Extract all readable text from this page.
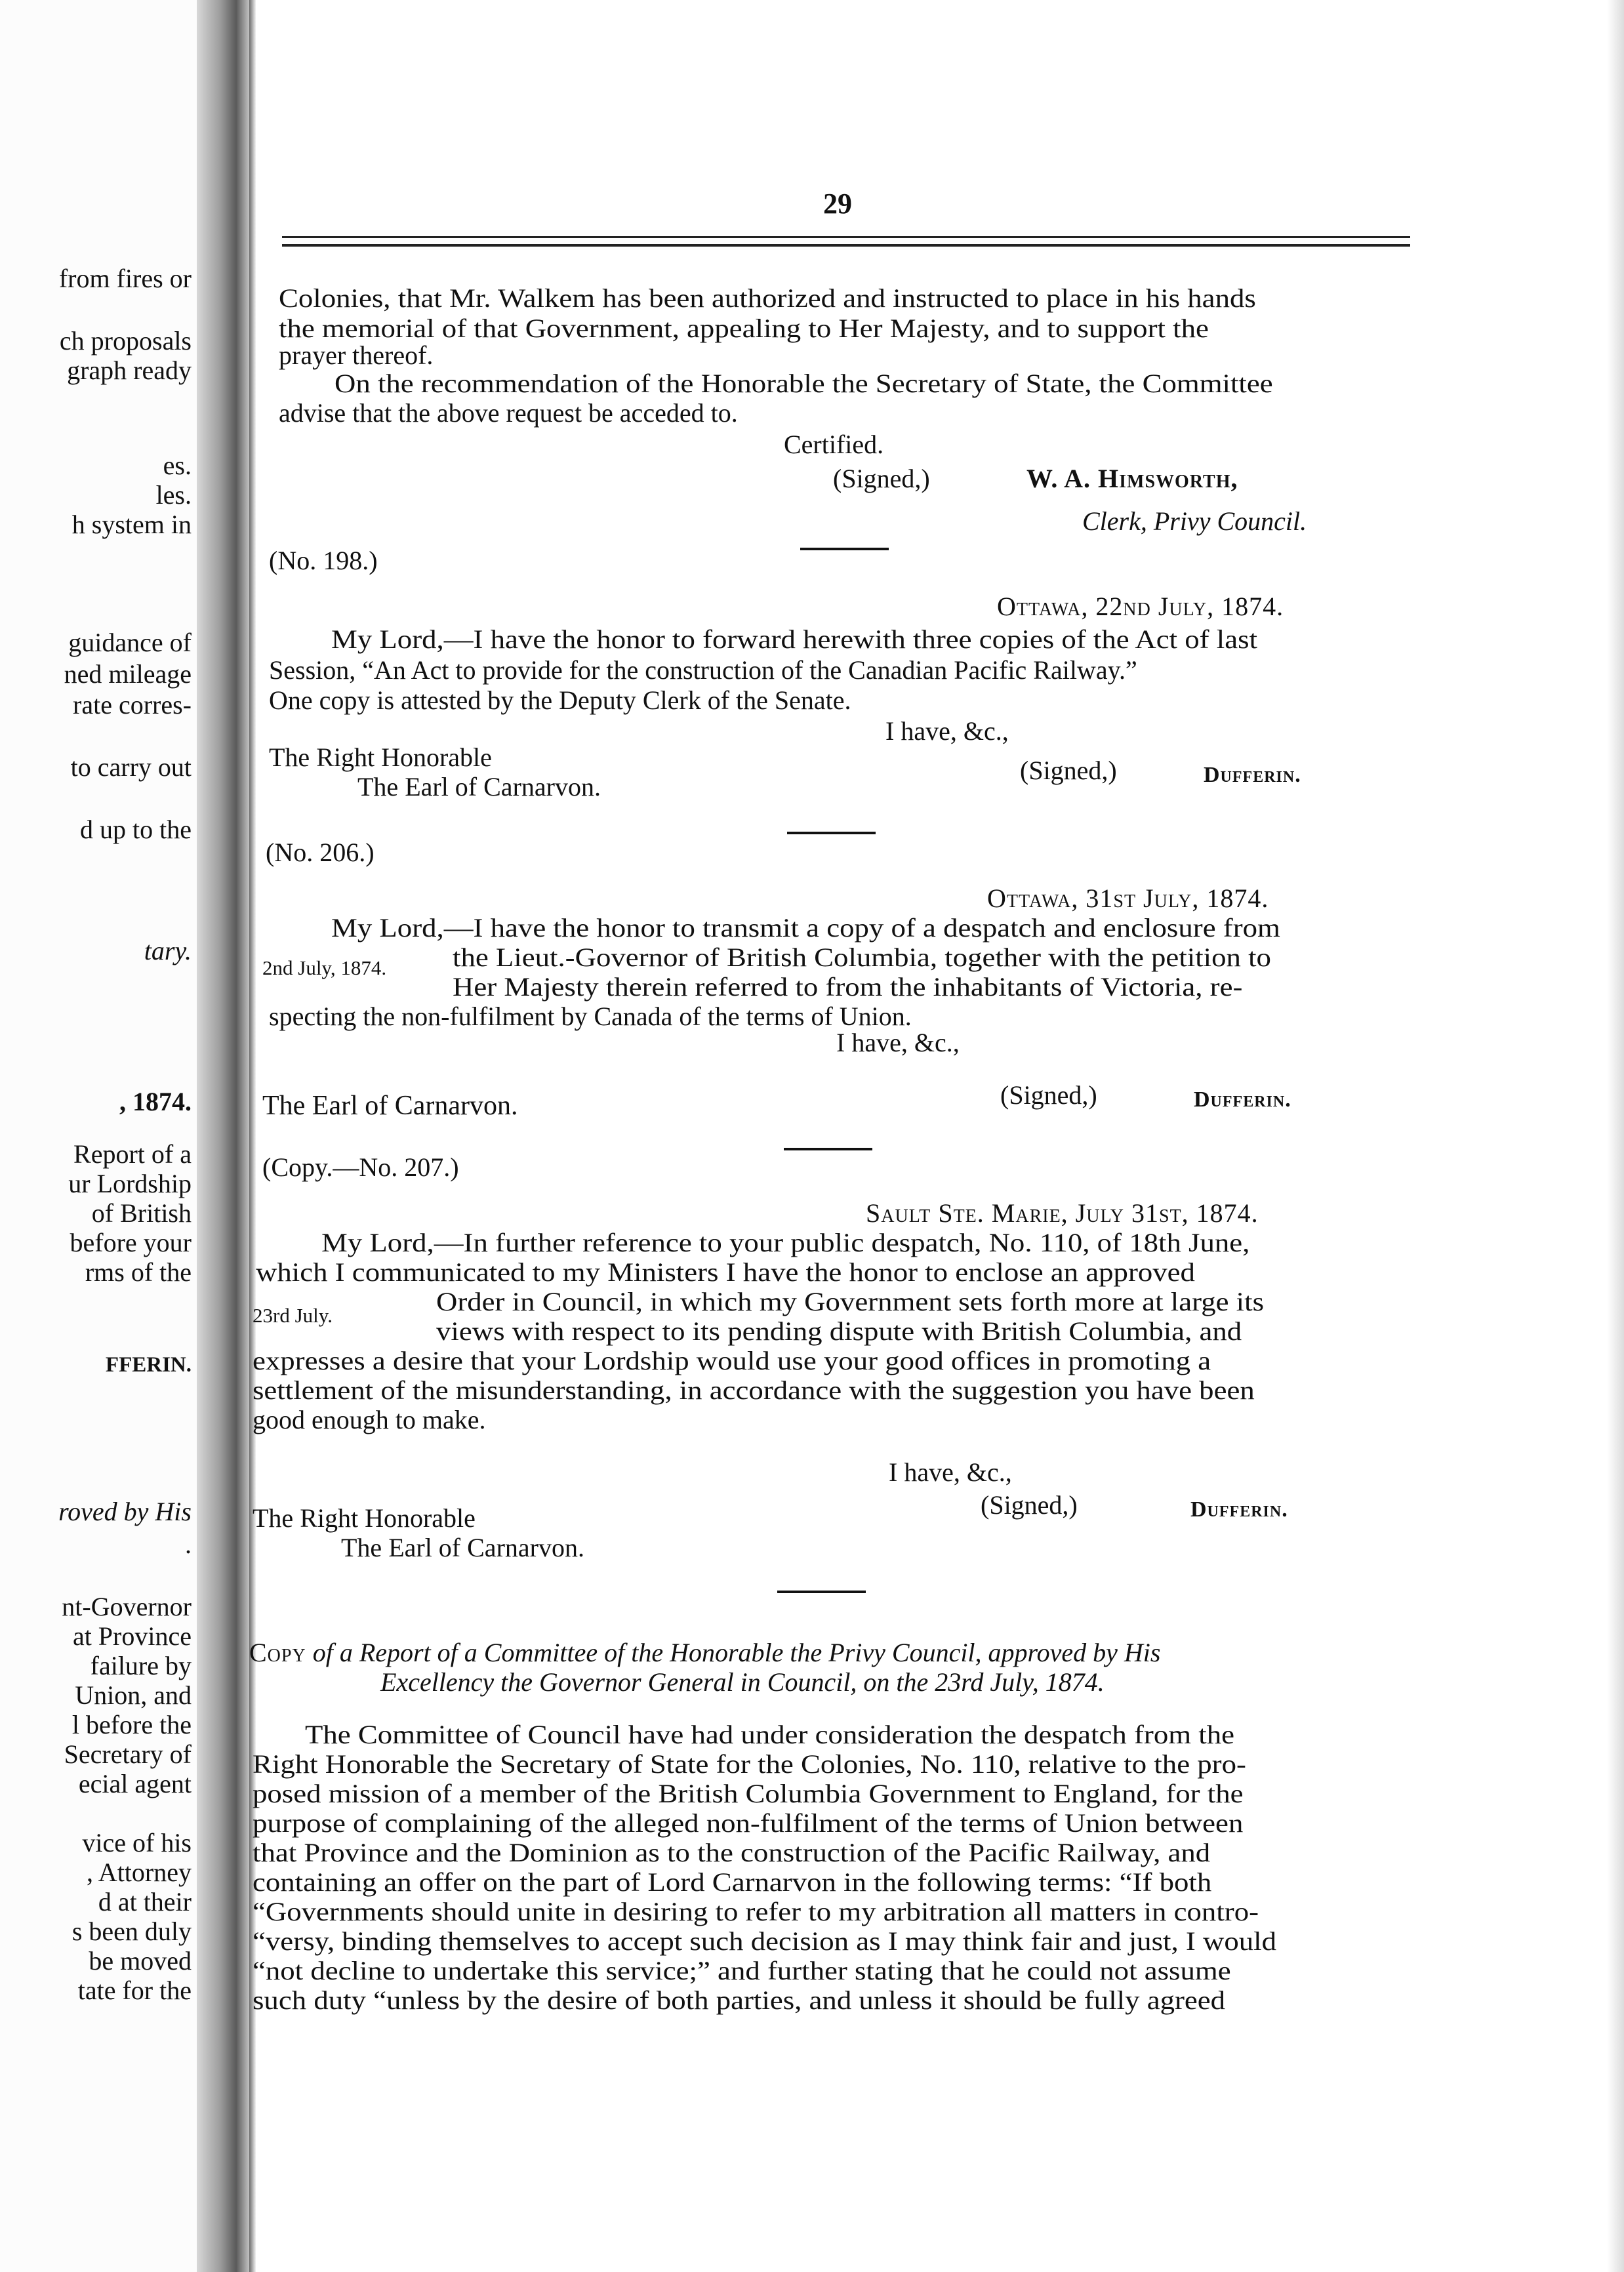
from fires or
ch proposals
graph ready
es.
les.
h system in
guidance of
ned mileage
rate corres-
to carry out
d up to the
tary.
, 1874.
Report of a
ur Lordship
of British
before your
rms of the
FFERIN.
roved by His
.
nt-Governor
at Province
failure by
Union, and
l before the
Secretary of
ecial agent
vice of his
, Attorney
d at their
s been duly
be moved
tate for the
29
Colonies, that Mr. Walkem has been authorized and instructed to place in his hands
the memorial of that Government, appealing to Her Majesty, and to support the
prayer thereof.
On the recommendation of the Honorable the Secretary of State, the Committee
advise that the above request be acceded to.
My Lord,—I have the honor to forward herewith three copies of the Act of last
Session, “An Act to provide for the construction of the Canadian Pacific Railway.”
One copy is attested by the Deputy Clerk of the Senate.
My Lord,—I have the honor to transmit a copy of a despatch and enclosure from
the Lieut.-Governor of British Columbia, together with the petition to
Her Majesty therein referred to from the inhabitants of Victoria, re-
specting the non-fulfilment by Canada of the terms of Union.
My Lord,—In further reference to your public despatch, No. 110, of 18th June,
which I communicated to my Ministers I have the honor to enclose an approved
Order in Council, in which my Government sets forth more at large its
views with respect to its pending dispute with British Columbia, and
expresses a desire that your Lordship would use your good offices in promoting a
settlement of the misunderstanding, in accordance with the suggestion you have been
good enough to make.
The Committee of Council have had under consideration the despatch from the
Right Honorable the Secretary of State for the Colonies, No. 110, relative to the pro-
posed mission of a member of the British Columbia Government to England, for the
purpose of complaining of the alleged non-fulfilment of the terms of Union between
that Province and the Dominion as to the construction of the Pacific Railway, and
containing an offer on the part of Lord Carnarvon in the following terms: “If both
“Governments should unite in desiring to refer to my arbitration all matters in contro-
“versy, binding themselves to accept such decision as I may think fair and just, I would
“not decline to undertake this service;” and further stating that he could not assume
such duty “unless by the desire of both parties, and unless it should be fully agreed
Certified.
(Signed,)	W. A. Himsworth,
Clerk, Privy Council.
(No. 198.)
Ottawa, 22nd July, 1874.
I have, &c.,
The Right Honorable
The Earl of Carnarvon.
(Signed,)	Dufferin.
(No. 206.)
Ottawa, 31st July, 1874.
2nd July, 1874.
I have, &c.,
The Earl of Carnarvon.	(Signed,)	Dufferin.
(Copy.—No. 207.)
Sault Ste. Marie, July 31st, 1874.
23rd July.
I have, &c.,
The Right Honorable
The Earl of Carnarvon.
(Signed,)	Dufferin.
Copy of a Report of a Committee of the Honorable the Privy Council, approved by His
Excellency the Governor General in Council, on the 23rd July, 1874.
